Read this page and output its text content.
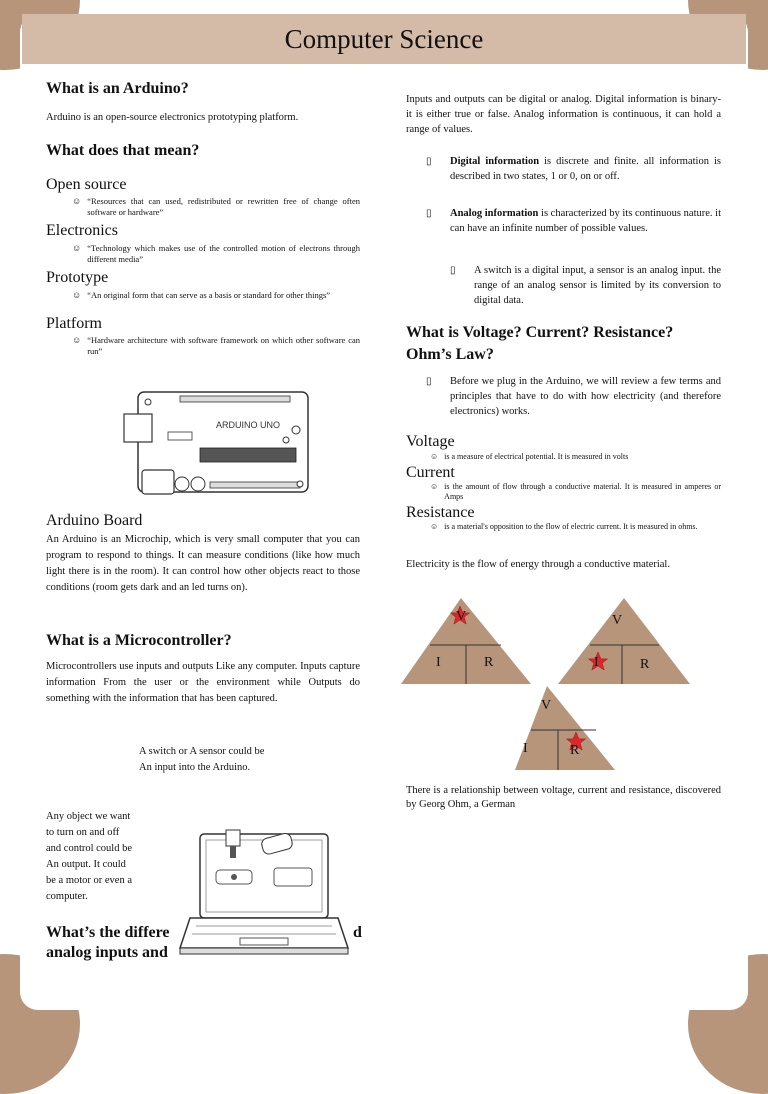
Computer Science
What is an Arduino?
Arduino is an open-source electronics prototyping platform.
What does that mean?
Open source
☺ “Resources that can used, redistributed or rewritten free of change often software or hardware”
Electronics
☺ “Technology which makes use of the controlled motion of electrons through different media”
Prototype
☺ “An original form that can serve as a basis or standard for other things”
Platform
☺ “Hardware architecture with software framework on which other software can run”
ARDUINO UNO
Arduino Board
An Arduino is an Microchip, which is very small computer that you can program to respond to things. It can measure conditions (like how much light there is in the room). It can control how other objects react to those conditions (room gets dark and an led turns on).
What is a Microcontroller?
Microcontrollers use inputs and outputs Like any computer. Inputs capture information From the user or the environment while Outputs do something with the information that has been captured.
A switch or A sensor could be
An input into the Arduino.
Any object we want
to turn on and off
and control could be
An output. It could
be a motor or even a
computer.
What’s the differe	d
analog inputs and
Inputs and outputs can be digital or analog. Digital information is binary- it is either true or false. Analog information is continuous, it can hold a range of values.
▯	Digital information is discrete and finite. all information is described in two states, 1 or 0, on or off.
▯	Analog information is characterized by its continuous nature. it can have an infinite number of possible values.
▯	A switch is a digital input, a sensor is an analog input. the range of an analog sensor is limited by its conversion to digital data.
What is Voltage? Current? Resistance? Ohm’s Law?
▯	Before we plug in the Arduino, we will review a few terms and principles that have to do with how electricity (and therefore electronics) works.
Voltage
☺ is a measure of electrical potential. It is measured in volts
Current
☺ is the amount of flow through a conductive material. It is measured in amperes or Amps
Resistance
☺ is a material's opposition to the flow of electric current. It is measured in ohms.
Electricity is the flow of energy through a conductive material.
V
I	R
V
I	R
V
I	R
There is a relationship between voltage, current and resistance, discovered by Georg Ohm, a German
